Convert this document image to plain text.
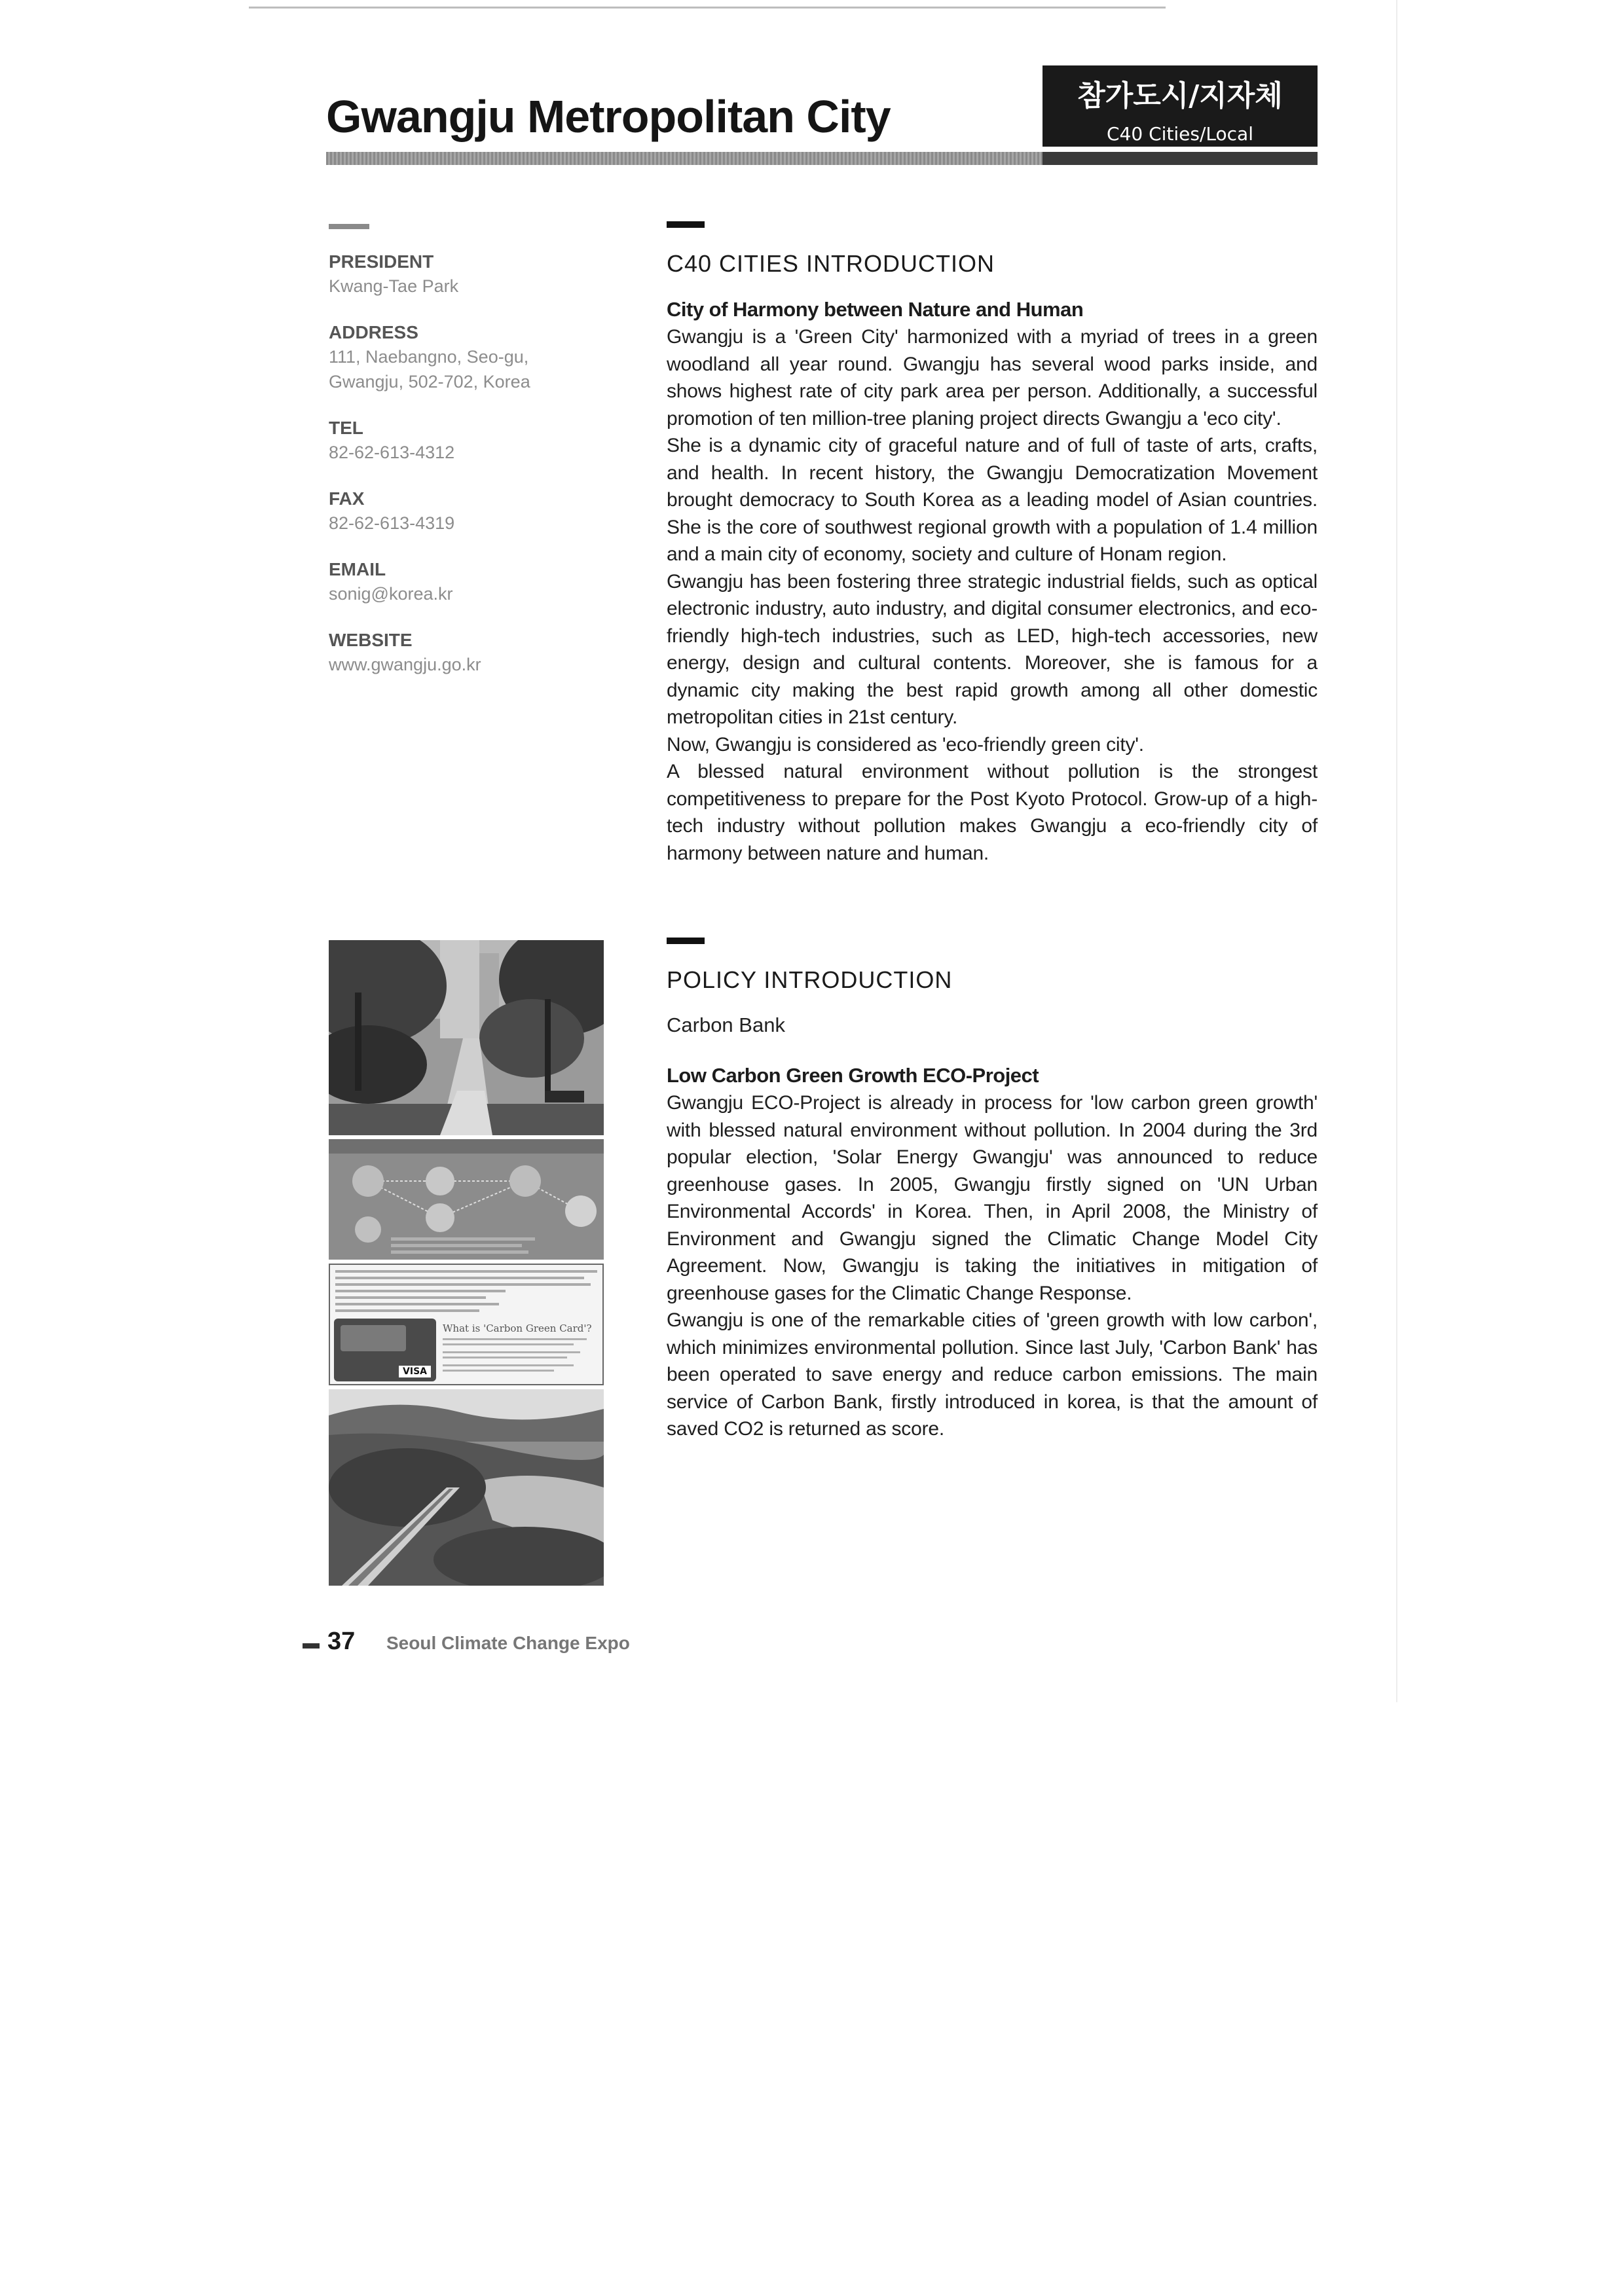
Gwangju Metropolitan City	참가도시/지자체
C40 Cities/Local

PRESIDENT

Kwang-Tae Park

ADDRESS

111, Naebangno, Seo-gu, Gwangju, 502-702, Korea

TEL

82-62-613-4312

FAX

82-62-613-4319

EMAIL

sonig@korea.kr

WEBSITE

www.gwangju.go.kr

C40 CITIES INTRODUCTION

City of Harmony between Nature and Human

Gwangju is a 'Green City' harmonized with a myriad of trees in a green woodland all year round. Gwangju has several wood parks inside, and shows highest rate of city park area per person. Additionally, a successful promotion of ten million-tree planing project directs Gwangju a 'eco city'.

She is a dynamic city of graceful nature and of full of taste of arts, crafts, and health. In recent history, the Gwangju Democratization Movement brought democracy to South Korea as a leading model of Asian countries. She is the core of southwest regional growth with a population of 1.4 million and a main city of economy, society and culture of Honam region.

Gwangju has been fostering three strategic industrial fields, such as optical electronic industry, auto industry, and digital consumer electronics, and eco-friendly high-tech industries, such as LED, high-tech accessories, new energy, design and cultural contents. Moreover, she is famous for a dynamic city making the best rapid growth among all other domestic metropolitan cities in 21st century.

Now, Gwangju is considered as 'eco-friendly green city'.

A blessed natural environment without pollution is the strongest competitiveness to prepare for the Post Kyoto Protocol. Grow-up of a high-tech industry without pollution makes Gwangju a eco-friendly city of harmony between nature and human.

POLICY INTRODUCTION

Carbon Bank

Low Carbon Green Growth ECO-Project

Gwangju ECO-Project is already in process for 'low carbon green growth' with blessed natural environment without pollution. In 2004 during the 3rd popular election, 'Solar Energy Gwangju' was announced to reduce greenhouse gases. In 2005, Gwangju firstly signed on 'UN Urban Environmental Accords' in Korea. Then, in April 2008, the Ministry of Environment and Gwangju signed the Climatic Change Model City Agreement. Now, Gwangju is taking the initiatives in mitigation of greenhouse gases for the Climatic Change Response.

Gwangju is one of the remarkable cities of 'green growth with low carbon', which minimizes environmental pollution. Since last July, 'Carbon Bank' has been operated to save energy and reduce carbon emissions. The main service of Carbon Bank, firstly introduced in korea, is that the amount of saved CO2 is returned as score.

VISA
What is 'Carbon Green Card'?

37 Seoul Climate Change Expo
